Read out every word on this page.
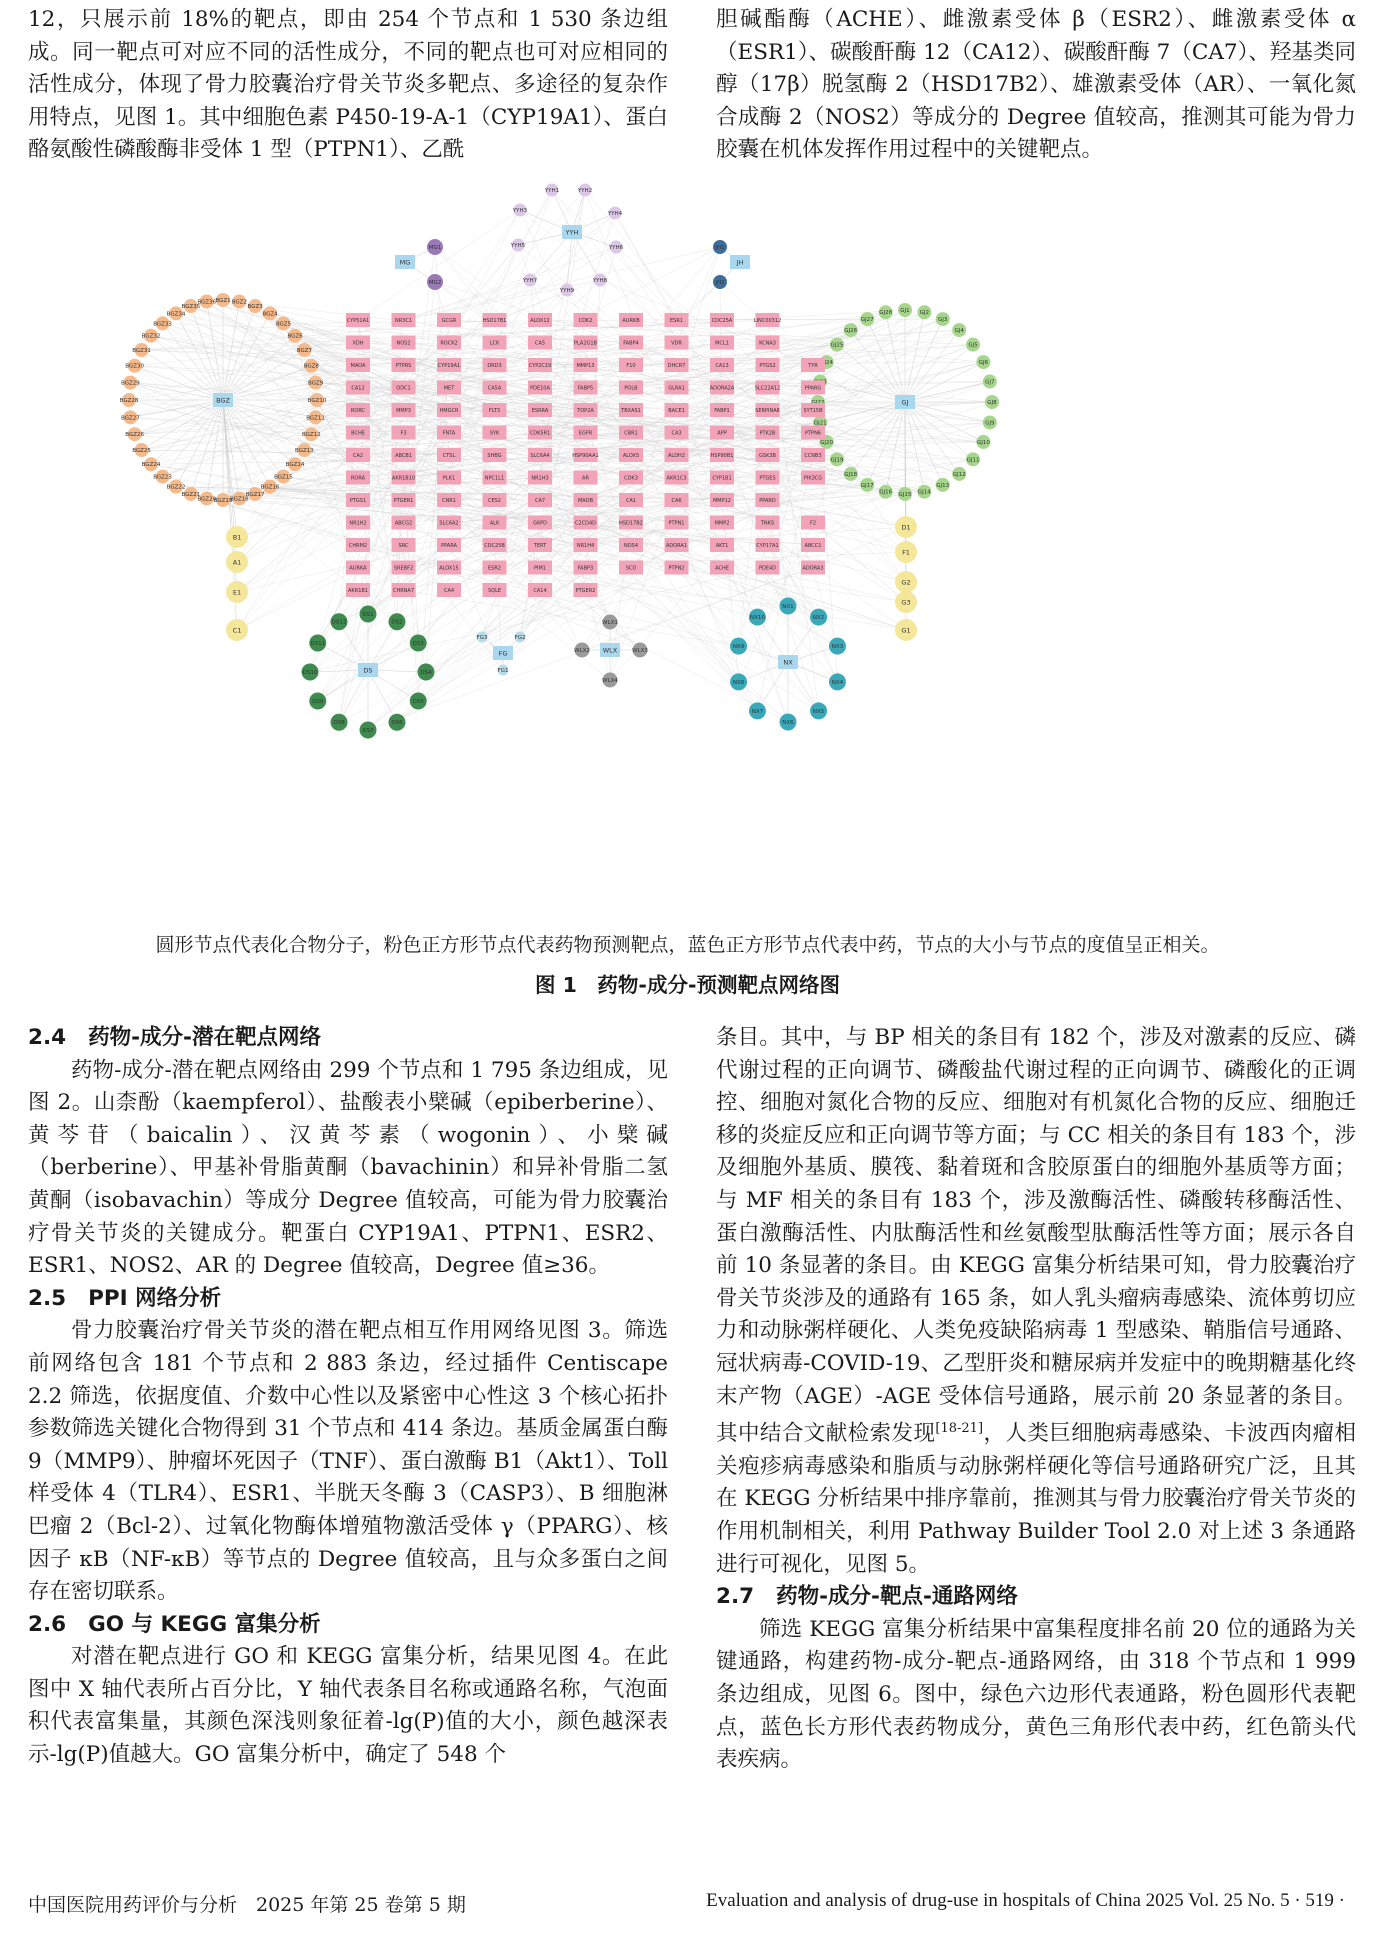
12，只展示前 18%的靶点，即由 254 个节点和 1 530 条边组成。同一靶点可对应不同的活性成分，不同的靶点也可对应相同的活性成分，体现了骨力胶囊治疗骨关节炎多靶点、多途径的复杂作用特点，见图 1。其中细胞色素 P450-19-A-1（CYP19A1）、蛋白酪氨酸性磷酸酶非受体 1 型（PTPN1）、乙酰

胆碱酯酶（ACHE）、雌激素受体 β（ESR2）、雌激素受体 α（ESR1）、碳酸酐酶 12（CA12）、碳酸酐酶 7（CA7）、羟基类同醇（17β）脱氢酶 2（HSD17B2）、雄激素受体（AR）、一氧化氮合成酶 2（NOS2）等成分的 Degree 值较高，推测其可能为骨力胶囊在机体发挥作用过程中的关键靶点。

BGZ	GJ
YYH
MG	JH
DS
NX
WLX
FG
BGZ1 BGZ2
BGZ3
BGZ4
BGZ5
BGZ6
BGZ7
BGZ8
BGZ9
BGZ10
BGZ11
BGZ12
BGZ13
BGZ14
BGZ15
BGZ16
BGZ17
BGZ18
BGZ19
BGZ20
BGZ21
BGZ22
BGZ23
BGZ24
BGZ25
BGZ26
BGZ27
BGZ28
BGZ29
BGZ30
BGZ31
BGZ32
BGZ33
BGZ34
BGZ35
BGZ36
GJ1 GJ2
GJ3
GJ4
GJ5
GJ6
GJ7
GJ8
GJ9
GJ10
GJ11
GJ12
GJ13
GJ14
GJ15
GJ16
GJ17
GJ18
GJ19
GJ20
GJ21
GJ22
GJ24
GJ25
GJ26
GJ27
GJ28
DS1
DS2
DS3
DS4
DS5
DS6
DS7
DS8
DS9
DS10
DS11
DS12
NX1
NX2
NX3
NX4
NX5
NX6
NX7
NX8
NX9
NX10
YYH1	YYH2
YYH3	YYH4
YYH5	YYH6
YYH7	YYH8
YYH9
MG1
MG2
JH1
JH2
WLX1
WLX2	WLX3
WLX4
FG1
FG2
FG3
B1
A1
E1
C1
D1
F1
G2
G3
G1
CYP51A1	NR3C1	GCGR	HSD17B1	ALOX12	CDK2	AURKB	ESR1	CDC25A	LINC00312
XDH	NOS2	ROCK2	LCK	CA5	PLA2G1B	FABP4	VDR	MCL1	KCNA3
MAOA	PTPRS	CYP19A1	DRD3	CYP2C19	MMP13	F10	DHCR7	CA13	PTGS2	TYR
CA12	ODC1	MET	CA5A	PDE10A	FABP5	POLB	GLRA1	ADORA2A	SLC22A12	PPARG
RORC	MMP3	HMGCR	FLT3	ESRRA	TOP2A	TBXAS1	BACE1	FABP1	SERPINA6	SYT15B
BCHE	F3	FNTA	SYK	CDK5R1	EGFR	CBR1	CA3	APP	PTK2B	PTPN6
CA2	ABCB1	CTSL	SHBG	SLC6A4	HSP90AA1	ALOX5	ALDH2	HSP90B1	GSK3B	CCNB3
RORA	AKR1B10	PLK1	NPC1L1	NR1H3	AR	CDK3	AKR1C3	CYP1B1	PTGES	PIK3CG
PTGS1	PTGER1	CNR1	CES2	CA7	MAOB	CA1	CA6	MMP12	PPARD
NR1H2	ABCG2	SLC6A2	ALK	G6PD	C2CD4D	HSD17B2	PTPN1	MMP2	TNKS	F2
CHRM2	SRC	PPARA	CDC25B	TERT	NR1H4	NOS4	ADORA1	AKT1	CYP17A1	ABCC1
AURKA	SREBF2	ALOX15	ESR2	PIM1	FABP3	SCD	PTPN2	ACHE	PDE4D	ADORA3
AKR1B1	CHRNA7	CA4	SQLE	CA14	PTGER2
圆形节点代表化合物分子，粉色正方形节点代表药物预测靶点，蓝色正方形节点代表中药，节点的大小与节点的度值呈正相关。
图 1　药物-成分-预测靶点网络图
2.4 药物-成分-潜在靶点网络

药物-成分-潜在靶点网络由 299 个节点和 1 795 条边组成，见图 2。山柰酚（kaempferol）、盐酸表小檗碱（epiberberine）、黄芩苷（baicalin）、汉黄芩素（wogonin）、小檗碱（berberine）、甲基补骨脂黄酮（bavachinin）和异补骨脂二氢黄酮（isobavachin）等成分 Degree 值较高，可能为骨力胶囊治疗骨关节炎的关键成分。靶蛋白 CYP19A1、PTPN1、ESR2、ESR1、NOS2、AR 的 Degree 值较高，Degree 值≥36。

2.5 PPI 网络分析

骨力胶囊治疗骨关节炎的潜在靶点相互作用网络见图 3。筛选前网络包含 181 个节点和 2 883 条边，经过插件 Centiscape 2.2 筛选，依据度值、介数中心性以及紧密中心性这 3 个核心拓扑参数筛选关键化合物得到 31 个节点和 414 条边。基质金属蛋白酶 9（MMP9）、肿瘤坏死因子（TNF）、蛋白激酶 B1（Akt1）、Toll 样受体 4（TLR4）、ESR1、半胱天冬酶 3（CASP3）、B 细胞淋巴瘤 2（Bcl-2）、过氧化物酶体增殖物激活受体 γ（PPARG）、核因子 κB（NF-κB）等节点的 Degree 值较高，且与众多蛋白之间存在密切联系。

2.6 GO 与 KEGG 富集分析

对潜在靶点进行 GO 和 KEGG 富集分析，结果见图 4。在此图中 X 轴代表所占百分比，Y 轴代表条目名称或通路名称，气泡面积代表富集量，其颜色深浅则象征着-lg(P)值的大小，颜色越深表示-lg(P)值越大。GO 富集分析中，确定了 548 个

条目。其中，与 BP 相关的条目有 182 个，涉及对激素的反应、磷代谢过程的正向调节、磷酸盐代谢过程的正向调节、磷酸化的正调控、细胞对氮化合物的反应、细胞对有机氮化合物的反应、细胞迁移的炎症反应和正向调节等方面；与 CC 相关的条目有 183 个，涉及细胞外基质、膜筏、黏着斑和含胶原蛋白的细胞外基质等方面；与 MF 相关的条目有 183 个，涉及激酶活性、磷酸转移酶活性、蛋白激酶活性、内肽酶活性和丝氨酸型肽酶活性等方面；展示各自前 10 条显著的条目。由 KEGG 富集分析结果可知，骨力胶囊治疗骨关节炎涉及的通路有 165 条，如人乳头瘤病毒感染、流体剪切应力和动脉粥样硬化、人类免疫缺陷病毒 1 型感染、鞘脂信号通路、冠状病毒-COVID-19、乙型肝炎和糖尿病并发症中的晚期糖基化终末产物（AGE）-AGE 受体信号通路，展示前 20 条显著的条目。其中结合文献检索发现[18-21]，人类巨细胞病毒感染、卡波西肉瘤相关疱疹病毒感染和脂质与动脉粥样硬化等信号通路研究广泛，且其在 KEGG 分析结果中排序靠前，推测其与骨力胶囊治疗骨关节炎的作用机制相关，利用 Pathway Builder Tool 2.0 对上述 3 条通路进行可视化，见图 5。

2.7 药物-成分-靶点-通路网络

筛选 KEGG 富集分析结果中富集程度排名前 20 位的通路为关键通路，构建药物-成分-靶点-通路网络，由 318 个节点和 1 999 条边组成，见图 6。图中，绿色六边形代表通路，粉色圆形代表靶点，蓝色长方形代表药物成分，黄色三角形代表中药，红色箭头代表疾病。

中国医院用药评价与分析　2025 年第 25 卷第 5 期	Evaluation and analysis of drug-use in hospitals of China 2025 Vol. 25 No. 5 · 519 ·
